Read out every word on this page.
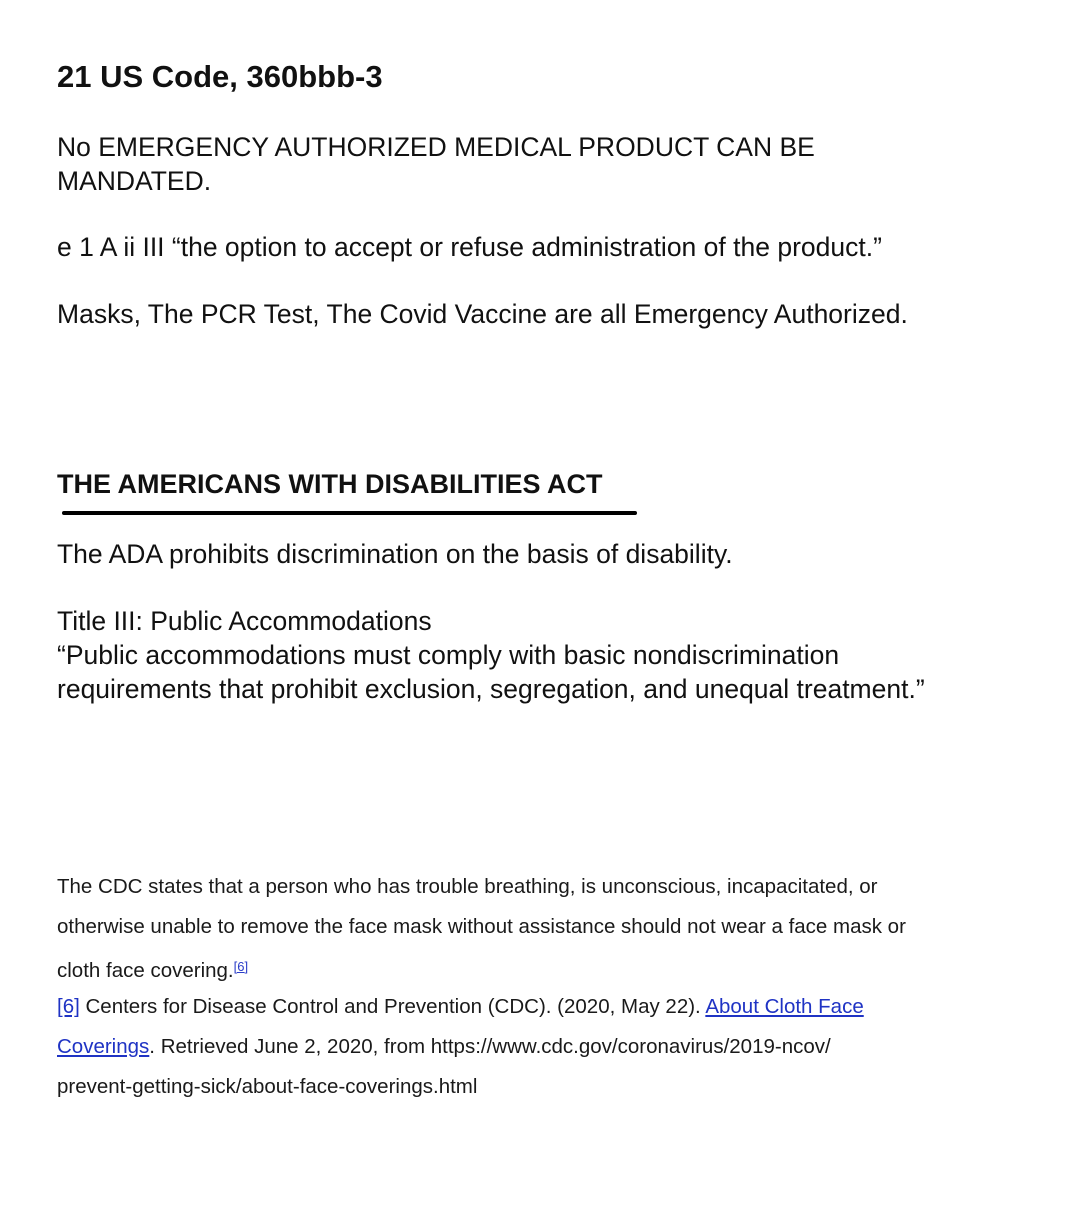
21 US Code, 360bbb-3
No EMERGENCY AUTHORIZED MEDICAL PRODUCT CAN BE MANDATED.
e 1 A ii III “the option to accept or refuse administration of the product.”
Masks, The PCR Test, The Covid Vaccine are all Emergency Authorized.
THE AMERICANS WITH DISABILITIES ACT
The ADA prohibits discrimination on the basis of disability.
Title III: Public Accommodations
“Public accommodations must comply with basic nondiscrimination
requirements that prohibit exclusion, segregation, and unequal treatment.”
The CDC states that a person who has trouble breathing, is unconscious, incapacitated, or
otherwise unable to remove the face mask without assistance should not wear a face mask or
cloth face covering.[6]
[6] Centers for Disease Control and Prevention (CDC). (2020, May 22). About Cloth Face
Coverings. Retrieved June 2, 2020, from https://www.cdc.gov/coronavirus/2019-ncov/
prevent-getting-sick/about-face-coverings.html
